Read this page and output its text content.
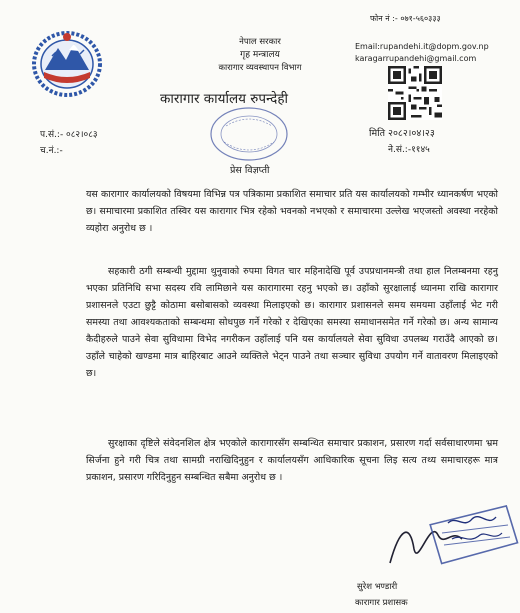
फोन नं :- ०७१-५६०३३३
Email:rupandehi.it@dopm.gov.np
karagarrupandehi@gmail.com
नेपाल सरकार
गृह मन्त्रालय
कारागार व्यवस्थापन विभाग
कारागार कार्यालय रुपन्देही
प.सं.:- ०८२।०८३
च.नं.:-
मिति २०८२।०४।२३
ने.सं.:-११४५
प्रेस विज्ञप्ती
यस कारागार कार्यालयको विषयमा विभिन्न पत्र पत्रिकामा प्रकाशित समाचार प्रति यस कार्यालयको गम्भीर ध्यानकर्षण भएको छ। समाचारमा प्रकाशित तस्विर यस कारागार भित्र रहेको भवनको नभएको र समाचारमा उल्लेख भएजस्तो अवस्था नरहेको व्यहोरा अनुरोध छ ।
सहकारी ठगी सम्बन्धी मुद्दामा थुनुवाको रुपमा विगत चार महिनादेखि पूर्व उपप्रधानमन्त्री तथा हाल निलम्बनमा रहनु भएका प्रतिनिधि सभा सदस्य रवि लामिछाने यस कारागारमा रहनु भएको छ। उहाँको सुरक्षालाई ध्यानमा राखि कारागार प्रशासनले एउटा छुट्टै कोठामा बसोबासको व्यवस्था मिलाइएको छ। कारागार प्रशासनले समय समयमा उहाँलाई भेट गरी समस्या तथा आवश्यकताको सम्बन्धमा सोधपुछ गर्ने गरेको र देखिएका समस्या समाधानसमेत गर्ने गरेको छ। अन्य सामान्य कैदीहरुले पाउने सेवा सुविधामा विभेद नगरीकन उहाँलाई पनि यस कार्यालयले सेवा सुविधा उपलब्ध गराउँदै आएको छ। उहाँले चाहेको खण्डमा मात्र बाहिरबाट आउने व्यक्तिले भेट्न पाउने तथा सञ्चार सुविधा उपयोग गर्ने वातावरण मिलाइएको छ।
सुरक्षाका दृष्टिले संवेदनशिल क्षेत्र भएकोले कारागारसँग सम्बन्धित समाचार प्रकाशन, प्रसारण गर्दा सर्वसाधारणमा भ्रम सिर्जना हुने गरी चित्र तथा सामग्री नराखिदिनुहुन र कार्यालयसँग आधिकारिक सूचना लिइ सत्य तथ्य समाचारहरू मात्र प्रकाशन, प्रसारण गरिदिनुहुन सम्बन्धित सबैमा अनुरोध छ ।
सुरेश भण्डारी
कारागार प्रशासक
